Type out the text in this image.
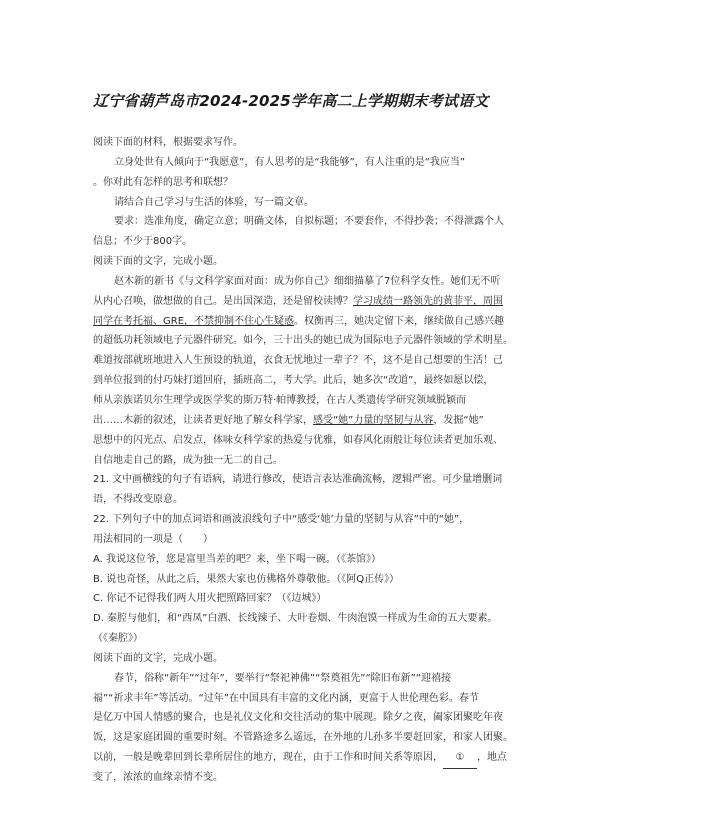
辽宁省葫芦岛市2024-2025学年高二上学期期末考试语文
阅读下面的材料，根据要求写作。
立身处世有人倾向于“我愿意”，有人思考的是“我能够”，有人注重的是“我应当”
。你对此有怎样的思考和联想？
请结合自己学习与生活的体验，写一篇文章。
要求：选准角度，确定立意；明确文体，自拟标题；不要套作，不得抄袭；不得泄露个人
信息；不少于800字。
阅读下面的文字，完成小题。
赵木新的新书《与文科学家面对面：成为你自己》细细描摹了7位科学女性。她们无不听
从内心召唤，做想做的自己。是出国深造，还是留校读博？学习成绩一路领先的黄菲平，周围
同学在考托福、GRE，不禁抑制不住心生疑惑。权衡再三，她决定留下来，继续做自己感兴趣
的超低功耗领域电子元器件研究。如今，三十出头的她已成为国际电子元器件领域的学术明星。
难道按部就班地进入人生预设的轨道，衣食无忧地过一辈子？不，这不是自己想要的生活！己
到单位报到的付巧妹打道回府，插班高二，考大学。此后，她多次“改道”，最终如愿以偿，
师从亲族诺贝尔生理学或医学奖的斯万特·帕博教授，在古人类遗传学研究领域脱颖而
出……木新的叙述，让读者更好地了解女科学家，感受“她”力量的坚韧与从容，发掘“她”
思想中的闪光点、启发点，体味女科学家的热爱与优雅，如春风化雨般让每位读者更加乐观、
自信地走自己的路，成为独一无二的自己。
21. 文中画横线的句子有语病，请进行修改，使语言表达准确流畅，逻辑严密。可少量增删词
语，不得改变原意。
22. 下列句子中的加点词语和画波浪线句子中“感受‘她’力量的坚韧与从容”中的“她”，
用法相同的一项是（　　）
A. 我说这位爷，您是富里当差的吧？来，坐下喝一碗。（《茶馆》）
B. 说也奇怪，从此之后，果然大家也仿佛格外尊敬他。（《阿Q正传》）
C. 你记不记得我们两人用火把照路回家？（《边城》）
D. 秦腔与他们，和“西凤”白酒、长线辣子、大叶卷烟、牛肉泡馍一样成为生命的五大要素。
（《秦腔》）
阅读下面的文字，完成小题。
春节，俗称“新年”“过年”，要举行“祭祀神佛”“祭奠祖先”“除旧布新”“迎禧接
福”“祈求丰年”等活动。“过年”在中国具有丰富的文化内涵，更富于人世伦理色彩。春节
是亿万中国人情感的聚合，也是礼仪文化和交往活动的集中展现。除夕之夜，阖家团聚吃年夜
饭，这是家庭团圆的重要时刻。不管路途多么遥远，在外地的儿孙多半要赶回家，和家人团聚。
以前，一般是晚辈回到长辈所居住的地方，现在，由于工作和时间关系等原因， ① ，地点
变了，浓浓的血缘亲情不变。
